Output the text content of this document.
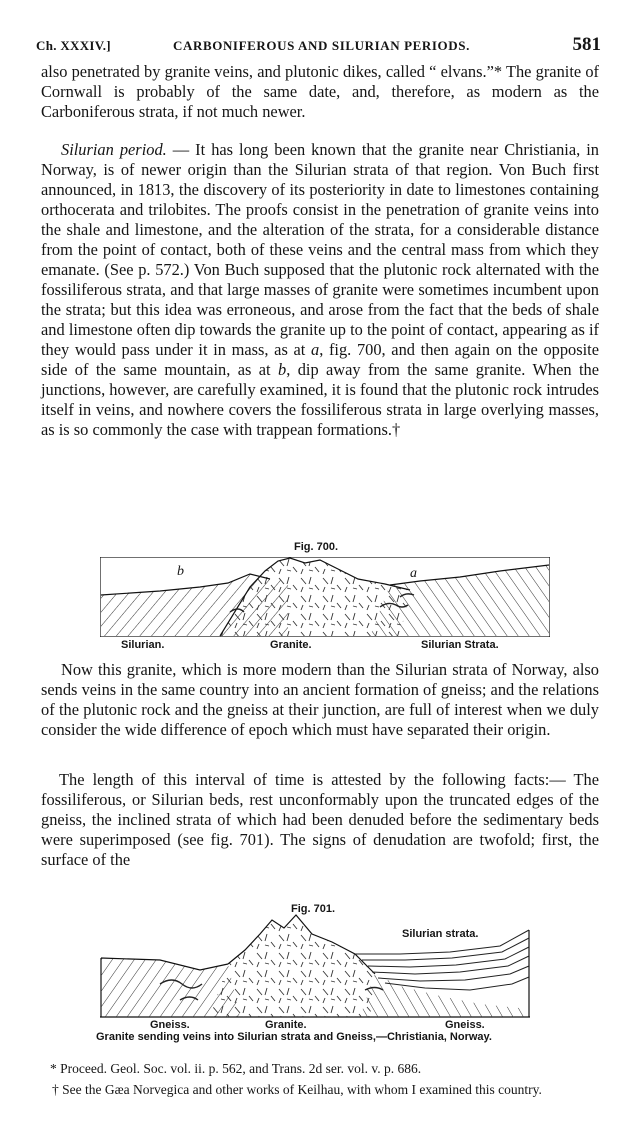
Ch. XXXIV.]	CARBONIFEROUS AND SILURIAN PERIODS.	581
also penetrated by granite veins, and plutonic dikes, called “ elvans.”* The granite of Cornwall is probably of the same date, and, therefore, as modern as the Carboniferous strata, if not much newer.
Silurian period. — It has long been known that the granite near Christiania, in Norway, is of newer origin than the Silurian strata of that region. Von Buch first announced, in 1813, the discovery of its posteriority in date to limestones containing orthocerata and trilobites. The proofs consist in the penetration of granite veins into the shale and limestone, and the alteration of the strata, for a considerable distance from the point of contact, both of these veins and the central mass from which they emanate. (See p. 572.) Von Buch supposed that the plutonic rock alternated with the fossiliferous strata, and that large masses of granite were sometimes incumbent upon the strata; but this idea was erroneous, and arose from the fact that the beds of shale and limestone often dip towards the granite up to the point of contact, appearing as if they would pass under it in mass, as at a, fig. 700, and then again on the opposite side of the same mountain, as at b, dip away from the same granite. When the junctions, however, are carefully examined, it is found that the plutonic rock intrudes itself in veins, and nowhere covers the fossiliferous strata in large overlying masses, as is so commonly the case with trappean formations.†
Fig. 700.
b	a
Silurian.	Granite.	Silurian Strata.
Now this granite, which is more modern than the Silurian strata of Norway, also sends veins in the same country into an ancient formation of gneiss; and the relations of the plutonic rock and the gneiss at their junction, are full of interest when we duly consider the wide difference of epoch which must have separated their origin.
The length of this interval of time is attested by the following facts:— The fossiliferous, or Silurian beds, rest unconformably upon the truncated edges of the gneiss, the inclined strata of which had been denuded before the sedimentary beds were superimposed (see fig. 701). The signs of denudation are twofold; first, the surface of the
Fig. 701.
Silurian strata.
Gneiss.	Granite.	Gneiss.
Granite sending veins into Silurian strata and Gneiss,—Christiania, Norway.
* Proceed. Geol. Soc. vol. ii. p. 562, and Trans. 2d ser. vol. v. p. 686.
† See the Gæa Norvegica and other works of Keilhau, with whom I examined this country.
